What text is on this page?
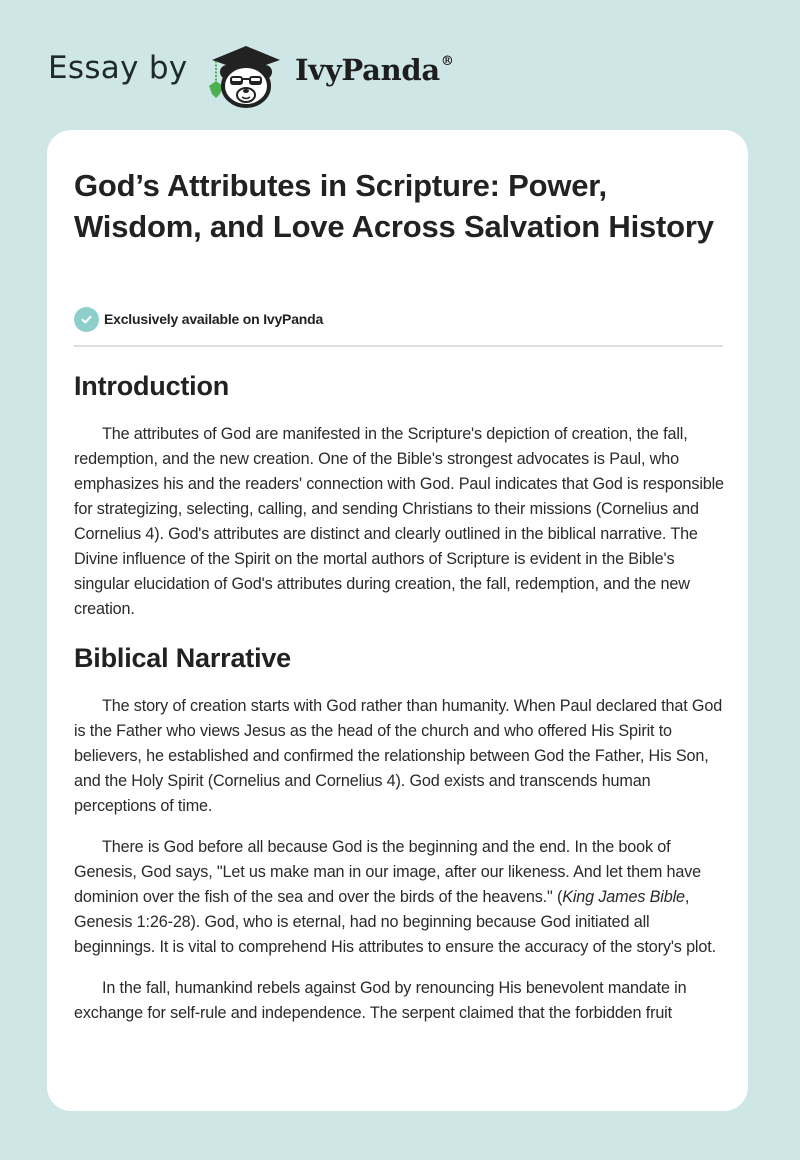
Essay by	IvyPanda®
God’s Attributes in Scripture: Power, Wisdom, and Love Across Salvation History
Exclusively available on IvyPanda
Introduction

The attributes of God are manifested in the Scripture's depiction of creation, the fall, redemption, and the new creation. One of the Bible's strongest advocates is Paul, who emphasizes his and the readers' connection with God. Paul indicates that God is responsible for strategizing, selecting, calling, and sending Christians to their missions (Cornelius and Cornelius 4). God's attributes are distinct and clearly outlined in the biblical narrative. The Divine influence of the Spirit on the mortal authors of Scripture is evident in the Bible's singular elucidation of God's attributes during creation, the fall, redemption, and the new creation.

Biblical Narrative

The story of creation starts with God rather than humanity. When Paul declared that God is the Father who views Jesus as the head of the church and who offered His Spirit to believers, he established and confirmed the relationship between God the Father, His Son, and the Holy Spirit (Cornelius and Cornelius 4). God exists and transcends human perceptions of time.

There is God before all because God is the beginning and the end. In the book of Genesis, God says, "Let us make man in our image, after our likeness. And let them have dominion over the fish of the sea and over the birds of the heavens." (King James Bible, Genesis 1:26-28). God, who is eternal, had no beginning because God initiated all beginnings. It is vital to comprehend His attributes to ensure the accuracy of the story's plot.

In the fall, humankind rebels against God by renouncing His benevolent mandate in exchange for self-rule and independence. The serpent claimed that the forbidden fruit
